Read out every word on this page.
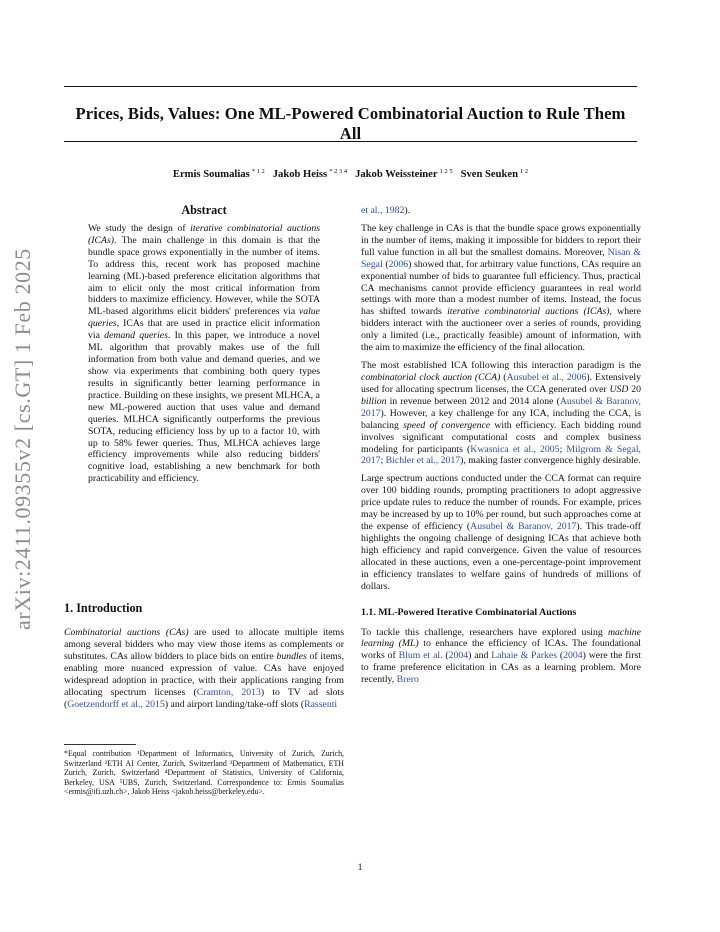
Prices, Bids, Values: One ML-Powered Combinatorial Auction to Rule Them All
Ermis Soumalias $^{* 1 2}$ Jakob Heiss $^{* 2 3 4}$ Jakob Weissteiner $^{1 2 5}$ Sven Seuken $^{1 2}$
arXiv:2411.09355v2 [cs.GT] 1 Feb 2025
Abstract

We study the design of iterative combinatorial auctions (ICAs). The main challenge in this domain is that the bundle space grows exponentially in the number of items. To address this, recent work has proposed machine learning (ML)-based preference elicitation algorithms that aim to elicit only the most critical information from bidders to maximize efficiency. However, while the SOTA ML-based algorithms elicit bidders' preferences via value queries, ICAs that are used in practice elicit information via demand queries. In this paper, we introduce a novel ML algorithm that provably makes use of the full information from both value and demand queries, and we show via experiments that combining both query types results in significantly better learning performance in practice. Building on these insights, we present MLHCA, a new ML-powered auction that uses value and demand queries. MLHCA significantly outperforms the previous SOTA, reducing efficiency loss by up to a factor 10, with up to 58% fewer queries. Thus, MLHCA achieves large efficiency improvements while also reducing bidders' cognitive load, establishing a new benchmark for both practicability and efficiency.

1. Introduction

Combinatorial auctions (CAs) are used to allocate multiple items among several bidders who may view those items as complements or substitutes. CAs allow bidders to place bids on entire bundles of items, enabling more nuanced expression of value. CAs have enjoyed widespread adoption in practice, with their applications ranging from allocating spectrum licenses (Cramton, 2013) to TV ad slots (Goetzendorff et al., 2015) and airport landing/take-off slots (Rassenti

*Equal contribution ¹Department of Informatics, University of Zurich, Zurich, Switzerland ²ETH AI Center, Zurich, Switzerland ³Department of Mathematics, ETH Zurich, Zurich, Switzerland ⁴Department of Statistics, University of California, Berkeley, USA ⁵UBS, Zurich, Switzerland. Correspondence to: Ermis Soumalias <ermis@ifi.uzh.ch>, Jakob Heiss <jakob.heiss@berkeley.edu>.

et al., 1982).

The key challenge in CAs is that the bundle space grows exponentially in the number of items, making it impossible for bidders to report their full value function in all but the smallest domains. Moreover, Nisan & Segal (2006) showed that, for arbitrary value functions, CAs require an exponential number of bids to guarantee full efficiency. Thus, practical CA mechanisms cannot provide efficiency guarantees in real world settings with more than a modest number of items. Instead, the focus has shifted towards iterative combinatorial auctions (ICAs), where bidders interact with the auctioneer over a series of rounds, providing only a limited (i.e., practically feasible) amount of information, with the aim to maximize the efficiency of the final allocation.

The most established ICA following this interaction paradigm is the combinatorial clock auction (CCA) (Ausubel et al., 2006). Extensively used for allocating spectrum licenses, the CCA generated over USD 20 billion in revenue between 2012 and 2014 alone (Ausubel & Baranov, 2017). However, a key challenge for any ICA, including the CCA, is balancing speed of convergence with efficiency. Each bidding round involves significant computational costs and complex business modeling for participants (Kwasnica et al., 2005; Milgrom & Segal, 2017; Bichler et al., 2017), making faster convergence highly desirable.

Large spectrum auctions conducted under the CCA format can require over 100 bidding rounds, prompting practitioners to adopt aggressive price update rules to reduce the number of rounds. For example, prices may be increased by up to 10% per round, but such approaches come at the expense of efficiency (Ausubel & Baranov, 2017). This trade-off highlights the ongoing challenge of designing ICAs that achieve both high efficiency and rapid convergence. Given the value of resources allocated in these auctions, even a one-percentage-point improvement in efficiency translates to welfare gains of hundreds of millions of dollars.

1.1. ML-Powered Iterative Combinatorial Auctions

To tackle this challenge, researchers have explored using machine learning (ML) to enhance the efficiency of ICAs. The foundational works of Blum et al. (2004) and Lahaie & Parkes (2004) were the first to frame preference elicitation in CAs as a learning problem. More recently, Brero

1
